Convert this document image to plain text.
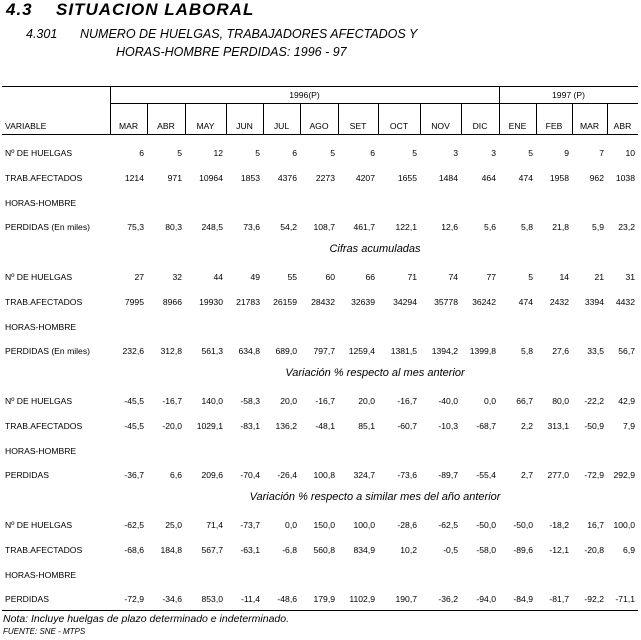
4.3 SITUACION LABORAL
4.301 NUMERO DE HUELGAS, TRABAJADORES AFECTADOS Y
HORAS-HOMBRE PERDIDAS: 1996 - 97
1996(P)	1997 (P)
VARIABLE	MAR	ABR	MAY	JUN	JUL	AGO	SET	OCT	NOV	DIC	ENE	FEB	MAR	ABR
Nº DE HUELGAS	6	5	12	5	6	5	6	5	3	3	5	9	7	10
TRAB.AFECTADOS	1214	971	10964	1853	4376	2273	4207	1655	1484	464	474	1958	962	1038
HORAS-HOMBRE
PERDIDAS (En miles)	75,3	80,3	248,5	73,6	54,2	108,7	461,7	122,1	12,6	5,6	5,8	21,8	5,9	23,2
Cifras acumuladas
Nº DE HUELGAS	27	32	44	49	55	60	66	71	74	77	5	14	21	31
TRAB.AFECTADOS	7995	8966	19930	21783	26159	28432	32639	34294	35778	36242	474	2432	3394	4432
HORAS-HOMBRE
PERDIDAS (En miles)	232,6	312,8	561,3	634,8	689,0	797,7	1259,4	1381,5	1394,2	1399,8	5,8	27,6	33,5	56,7
Variación % respecto al mes anterior
Nº DE HUELGAS	-45,5	-16,7	140,0	-58,3	20,0	-16,7	20,0	-16,7	-40,0	0,0	66,7	80,0	-22,2	42,9
TRAB.AFECTADOS	-45,5	-20,0	1029,1	-83,1	136,2	-48,1	85,1	-60,7	-10,3	-68,7	2,2	313,1	-50,9	7,9
HORAS-HOMBRE
PERDIDAS	-36,7	6,6	209,6	-70,4	-26,4	100,8	324,7	-73,6	-89,7	-55,4	2,7	277,0	-72,9	292,9
Variación % respecto a similar mes del año anterior
Nº DE HUELGAS	-62,5	25,0	71,4	-73,7	0,0	150,0	100,0	-28,6	-62,5	-50,0	-50,0	-18,2	16,7	100,0
TRAB.AFECTADOS	-68,6	184,8	567,7	-63,1	-6,8	560,8	834,9	10,2	-0,5	-58,0	-89,6	-12,1	-20,8	6,9
HORAS-HOMBRE
PERDIDAS	-72,9	-34,6	853,0	-11,4	-48,6	179,9	1102,9	190,7	-36,2	-94,0	-84,9	-81,7	-92,2	-71,1
Nota: Incluye huelgas de plazo determinado e indeterminado.
FUENTE: SNE - MTPS
